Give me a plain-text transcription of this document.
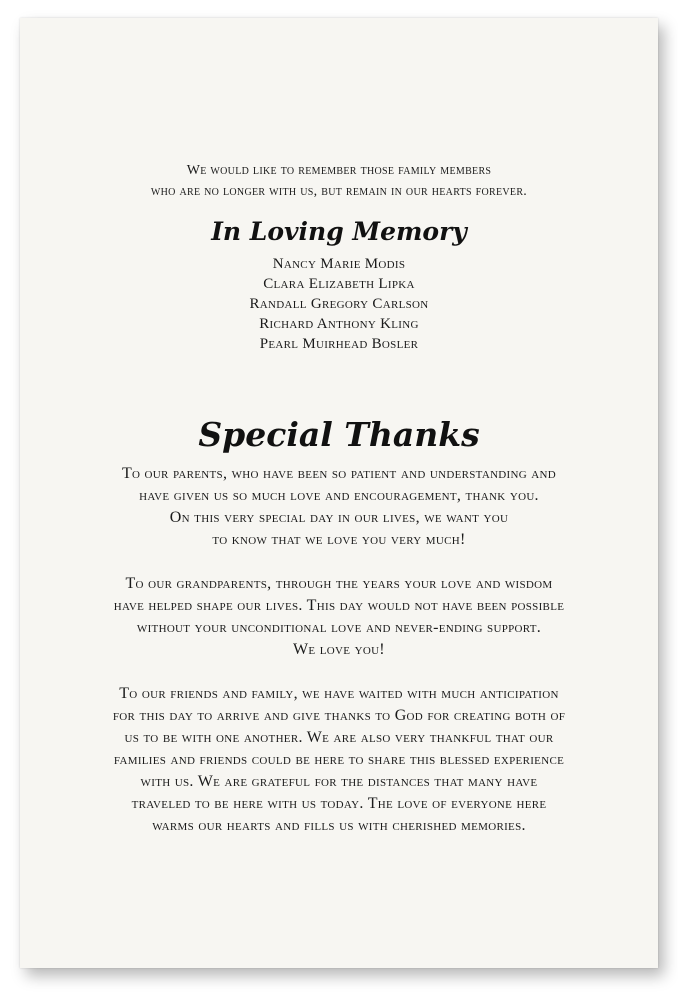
We would like to remember those family members
who are no longer with us, but remain in our hearts forever.
In Loving Memory
Nancy Marie Modis
Clara Elizabeth Lipka
Randall Gregory Carlson
Richard Anthony Kling
Pearl Muirhead Bosler
Special Thanks
To our parents, who have been so patient and understanding and
have given us so much love and encouragement, thank you.
On this very special day in our lives, we want you
to know that we love you very much!
To our grandparents, through the years your love and wisdom
have helped shape our lives. This day would not have been possible
without your unconditional love and never-ending support.
We love you!
To our friends and family, we have waited with much anticipation
for this day to arrive and give thanks to God for creating both of
us to be with one another. We are also very thankful that our
families and friends could be here to share this blessed experience
with us. We are grateful for the distances that many have
traveled to be here with us today. The love of everyone here
warms our hearts and fills us with cherished memories.
